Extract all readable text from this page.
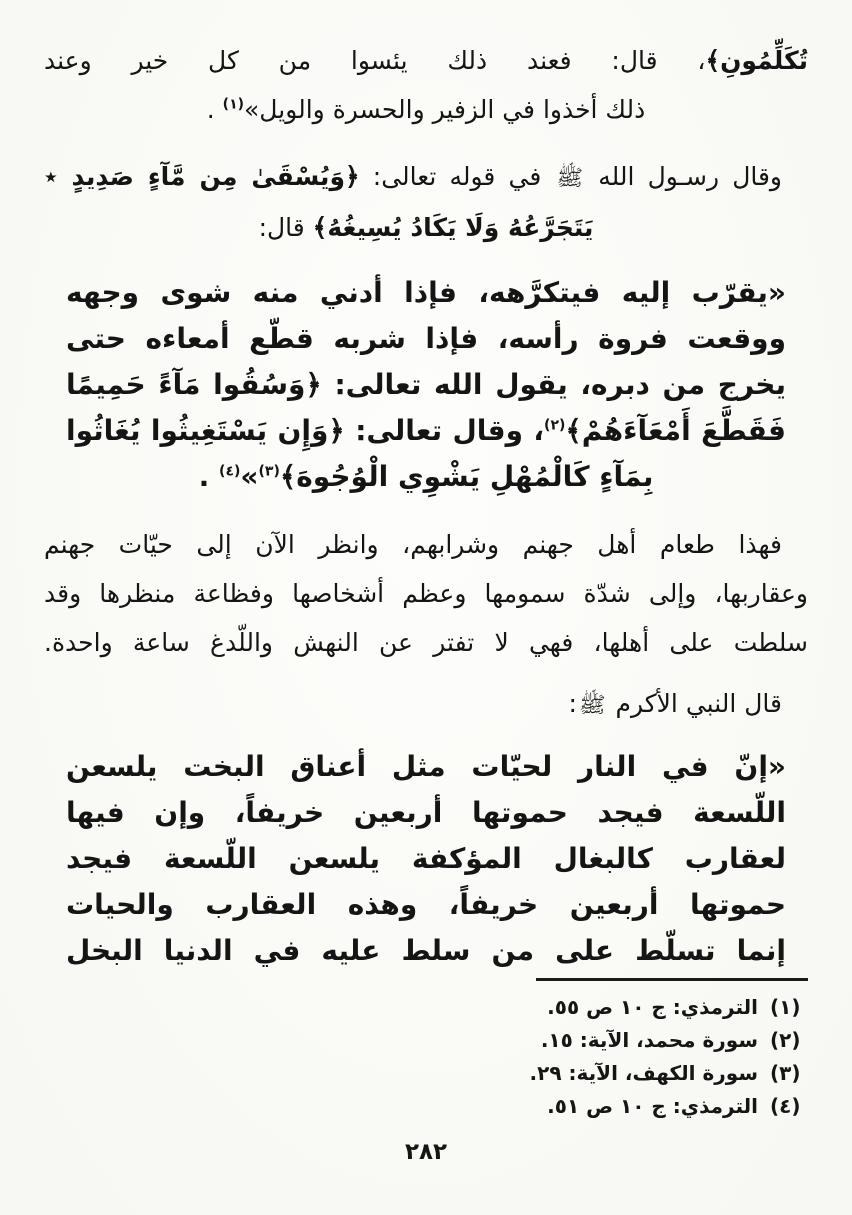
تُكَلِّمُونِ﴾، قال: فعند ذلك يئسوا من كل خير وعند
ذلك أخذوا في الزفير والحسرة والويل»$^{(١)}$ .
وقال رسـول الله ﷺ في قوله تعالى: ﴿وَيُسْقَىٰ مِن مَّآءٍ صَدِيدٍ ٭
يَتَجَرَّعُهُ وَلَا يَكَادُ يُسِيغُهُ﴾ قال:
«يقرّب إليه فيتكرَّهه، فإذا أدني منه شوى وجهه
ووقعت فروة رأسه، فإذا شربه قطّع أمعاءه حتى
يخرج من دبره، يقول الله تعالى: ﴿وَسُقُوا مَآءً حَمِيمًا
فَقَطَّعَ أَمْعَآءَهُمْ﴾$^{(٢)}$، وقال تعالى: ﴿وَإِن يَسْتَغِيثُوا يُغَاثُوا
بِمَآءٍ كَالْمُهْلِ يَشْوِي الْوُجُوهَ﴾$^{(٣)}$»$^{(٤)}$ .
فهذا طعام أهل جهنم وشرابهم، وانظر الآن إلى حيّات جهنم
وعقاربها، وإلى شدّة سمومها وعظم أشخاصها وفظاعة منظرها وقد
سلطت على أهلها، فهي لا تفتر عن النهش واللّدغ ساعة واحدة.
قال النبي الأكرم ﷺ:
«إنّ في النار لحيّات مثل أعناق البخت يلسعن
اللّسعة فيجد حموتها أربعين خريفاً، وإن فيها
لعقارب كالبغال المؤكفة يلسعن اللّسعة فيجد
حموتها أربعين خريفاً، وهذه العقارب والحيات
إنما تسلّط على من سلط عليه في الدنيا البخل
(١)
الترمذي: ج ١٠ ص ٥٥.
(٢)
سورة محمد، الآية: ١٥.
(٣)
سورة الكهف، الآية: ٢٩.
(٤)
الترمذي: ج ١٠ ص ٥١.
٢٨٢
